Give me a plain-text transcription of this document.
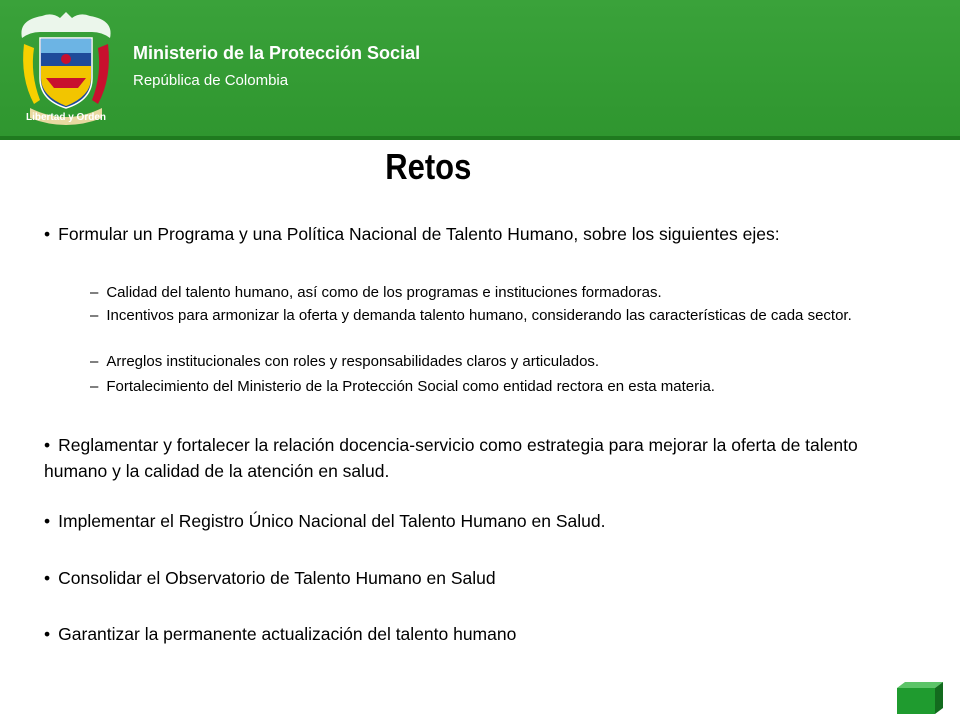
Libertad y Orden
Ministerio de la Protección Social
República de Colombia
Retos
• Formular un Programa y una Política Nacional de Talento Humano, sobre los siguientes ejes:
– Calidad del talento humano, así como de los programas e instituciones formadoras.
– Incentivos para armonizar la oferta y demanda talento humano, considerando las características de cada sector.
– Arreglos institucionales con roles y responsabilidades claros y articulados.
– Fortalecimiento del Ministerio de la Protección Social como entidad rectora en esta materia.
• Reglamentar y fortalecer la relación docencia-servicio como estrategia para mejorar la oferta de talento humano y la calidad de la atención en salud.
• Implementar el Registro Único Nacional del Talento Humano en Salud.
• Consolidar el Observatorio de Talento Humano en Salud
• Garantizar la permanente actualización del talento humano
